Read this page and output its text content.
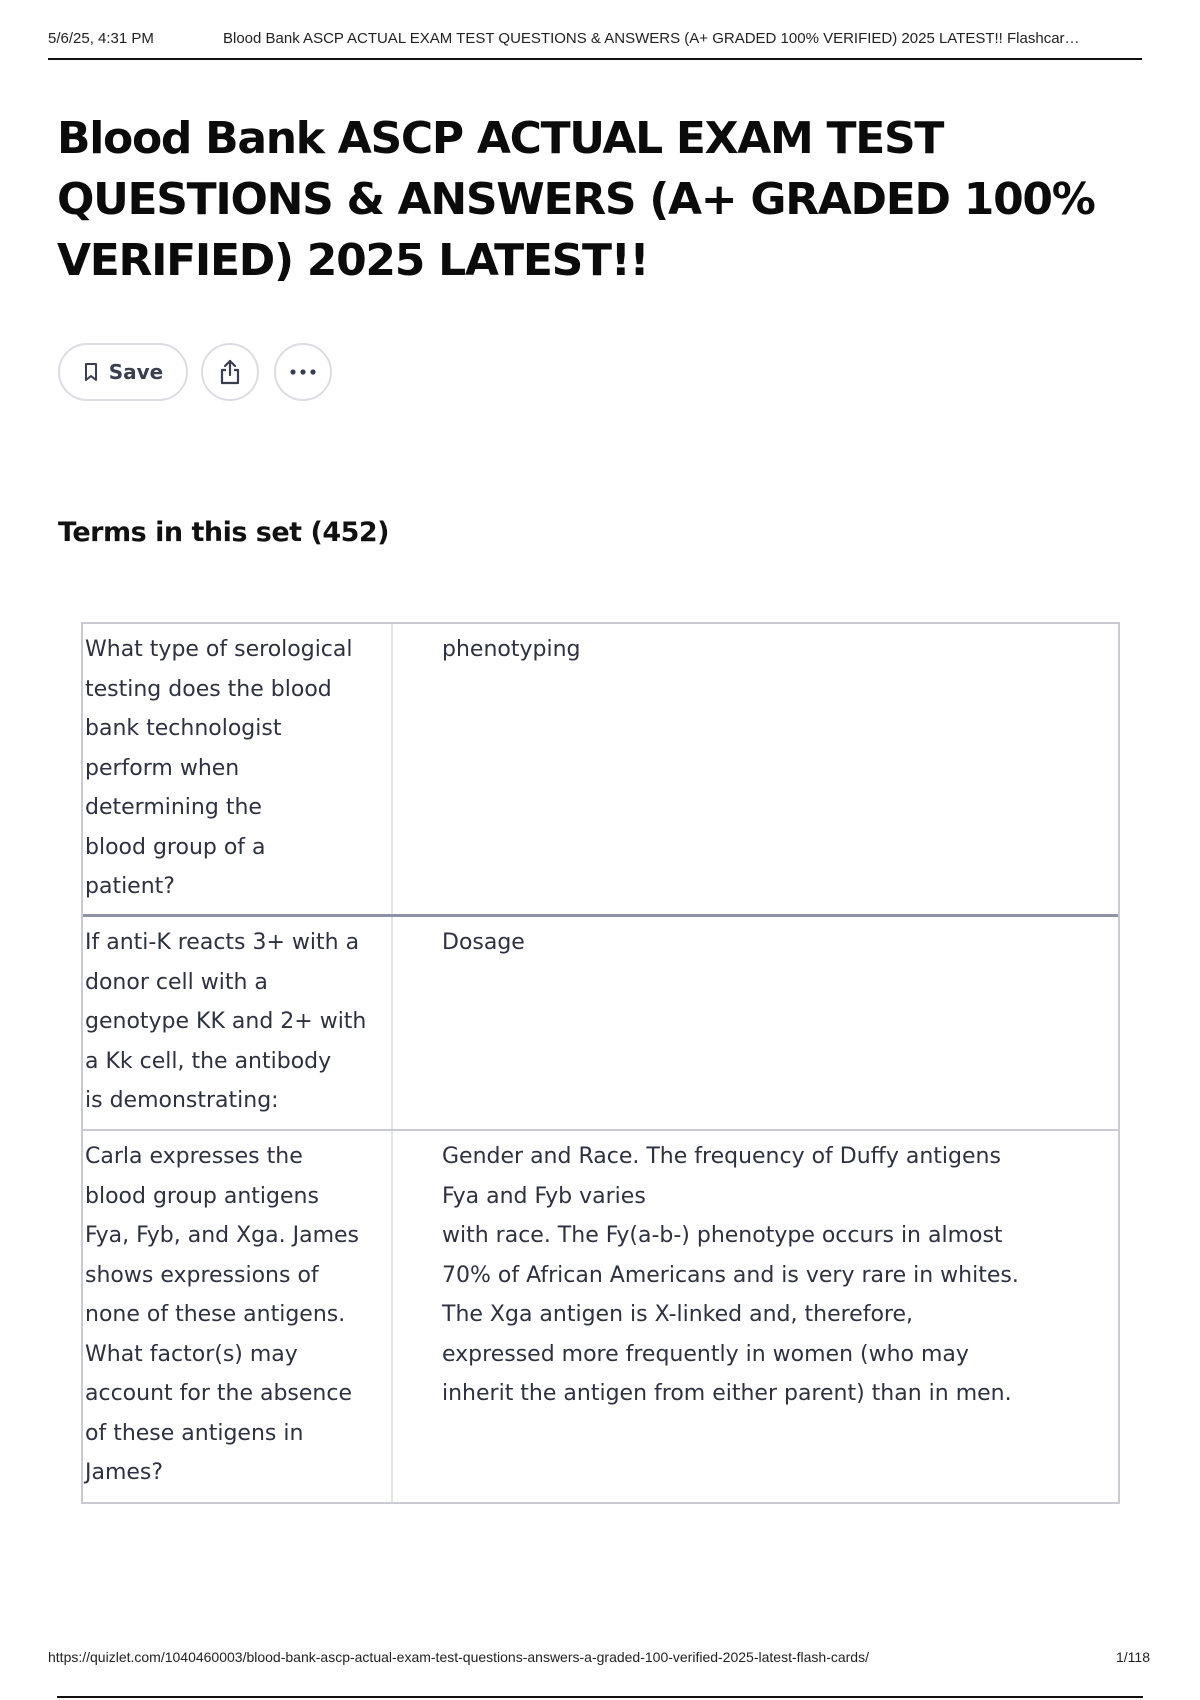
5/6/25, 4:31 PM	Blood Bank ASCP ACTUAL EXAM TEST QUESTIONS & ANSWERS (A+ GRADED 100% VERIFIED) 2025 LATEST!! Flashcar…
Blood Bank ASCP ACTUAL EXAM TEST QUESTIONS & ANSWERS (A+ GRADED 100% VERIFIED) 2025 LATEST!!
Save
Terms in this set (452)
What type of serological
testing does the blood
bank technologist
perform when
determining the
blood group of a
patient?
phenotyping
If anti-K reacts 3+ with a
donor cell with a
genotype KK and 2+ with
a Kk cell, the antibody
is demonstrating:
Dosage
Carla expresses the
blood group antigens
Fya, Fyb, and Xga. James
shows expressions of
none of these antigens.
What factor(s) may
account for the absence
of these antigens in
James?
Gender and Race. The frequency of Duffy antigens
Fya and Fyb varies
with race. The Fy(a-b-) phenotype occurs in almost
70% of African Americans and is very rare in whites.
The Xga antigen is X-linked and, therefore,
expressed more frequently in women (who may
inherit the antigen from either parent) than in men.
https://quizlet.com/1040460003/blood-bank-ascp-actual-exam-test-questions-answers-a-graded-100-verified-2025-latest-flash-cards/	1/118
